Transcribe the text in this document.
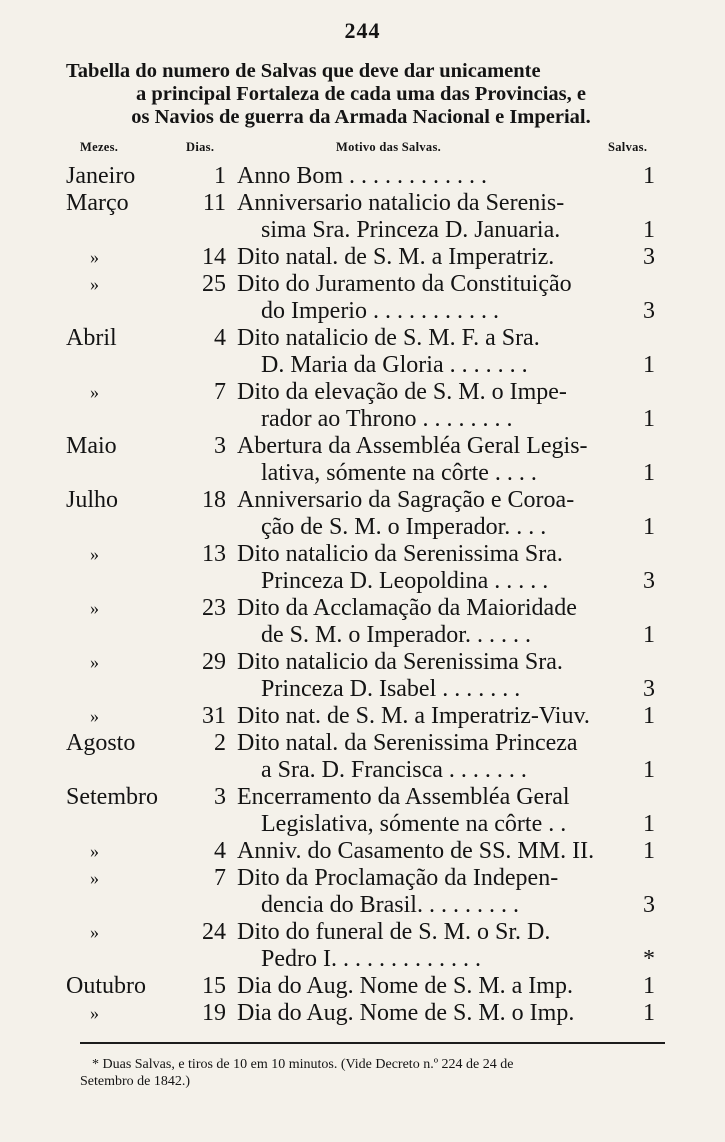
244
Tabella do numero de Salvas que deve dar unicamente
a principal Fortaleza de cada uma das Provincias, e
os Navios de guerra da Armada Nacional e Imperial.
Mezes.	Dias.	Motivo das Salvas.	Salvas.
Janeiro	1 Anno Bom . . . . . . . . . . . .	1
Março	11 Anniversario natalicio da Serenis-
sima Sra. Princeza D. Januaria.	1
»	14 Dito natal. de S. M. a Imperatriz.	3
»	25 Dito do Juramento da Constituição
do Imperio . . . . . . . . . . .	3
Abril	4 Dito natalicio de S. M. F. a Sra.
D. Maria da Gloria . . . . . . .	1
»	7 Dito da elevação de S. M. o Impe-
rador ao Throno . . . . . . . .	1
Maio	3 Abertura da Assembléa Geral Legis-
lativa, sómente na côrte . . . .	1
Julho	18 Anniversario da Sagração e Coroa-
ção de S. M. o Imperador. . . .	1
»	13 Dito natalicio da Serenissima Sra.
Princeza D. Leopoldina . . . . .	3
»	23 Dito da Acclamação da Maioridade
de S. M. o Imperador. . . . . .	1
»	29 Dito natalicio da Serenissima Sra.
Princeza D. Isabel . . . . . . .	3
»	31 Dito nat. de S. M. a Imperatriz-Viuv.	1
Agosto	2 Dito natal. da Serenissima Princeza
a Sra. D. Francisca . . . . . . .	1
Setembro	3 Encerramento da Assembléa Geral
Legislativa, sómente na côrte . .	1
»	4 Anniv. do Casamento de SS. MM. II.	1
»	7 Dito da Proclamação da Indepen-
dencia do Brasil. . . . . . . . .	3
»	24 Dito do funeral de S. M. o Sr. D.
Pedro I. . . . . . . . . . . . .	*
Outubro	15 Dia do Aug. Nome de S. M. a Imp.	1
»	19 Dia do Aug. Nome de S. M. o Imp.	1
* Duas Salvas, e tiros de 10 em 10 minutos. (Vide Decreto n.º 224 de 24 de
Setembro de 1842.)
